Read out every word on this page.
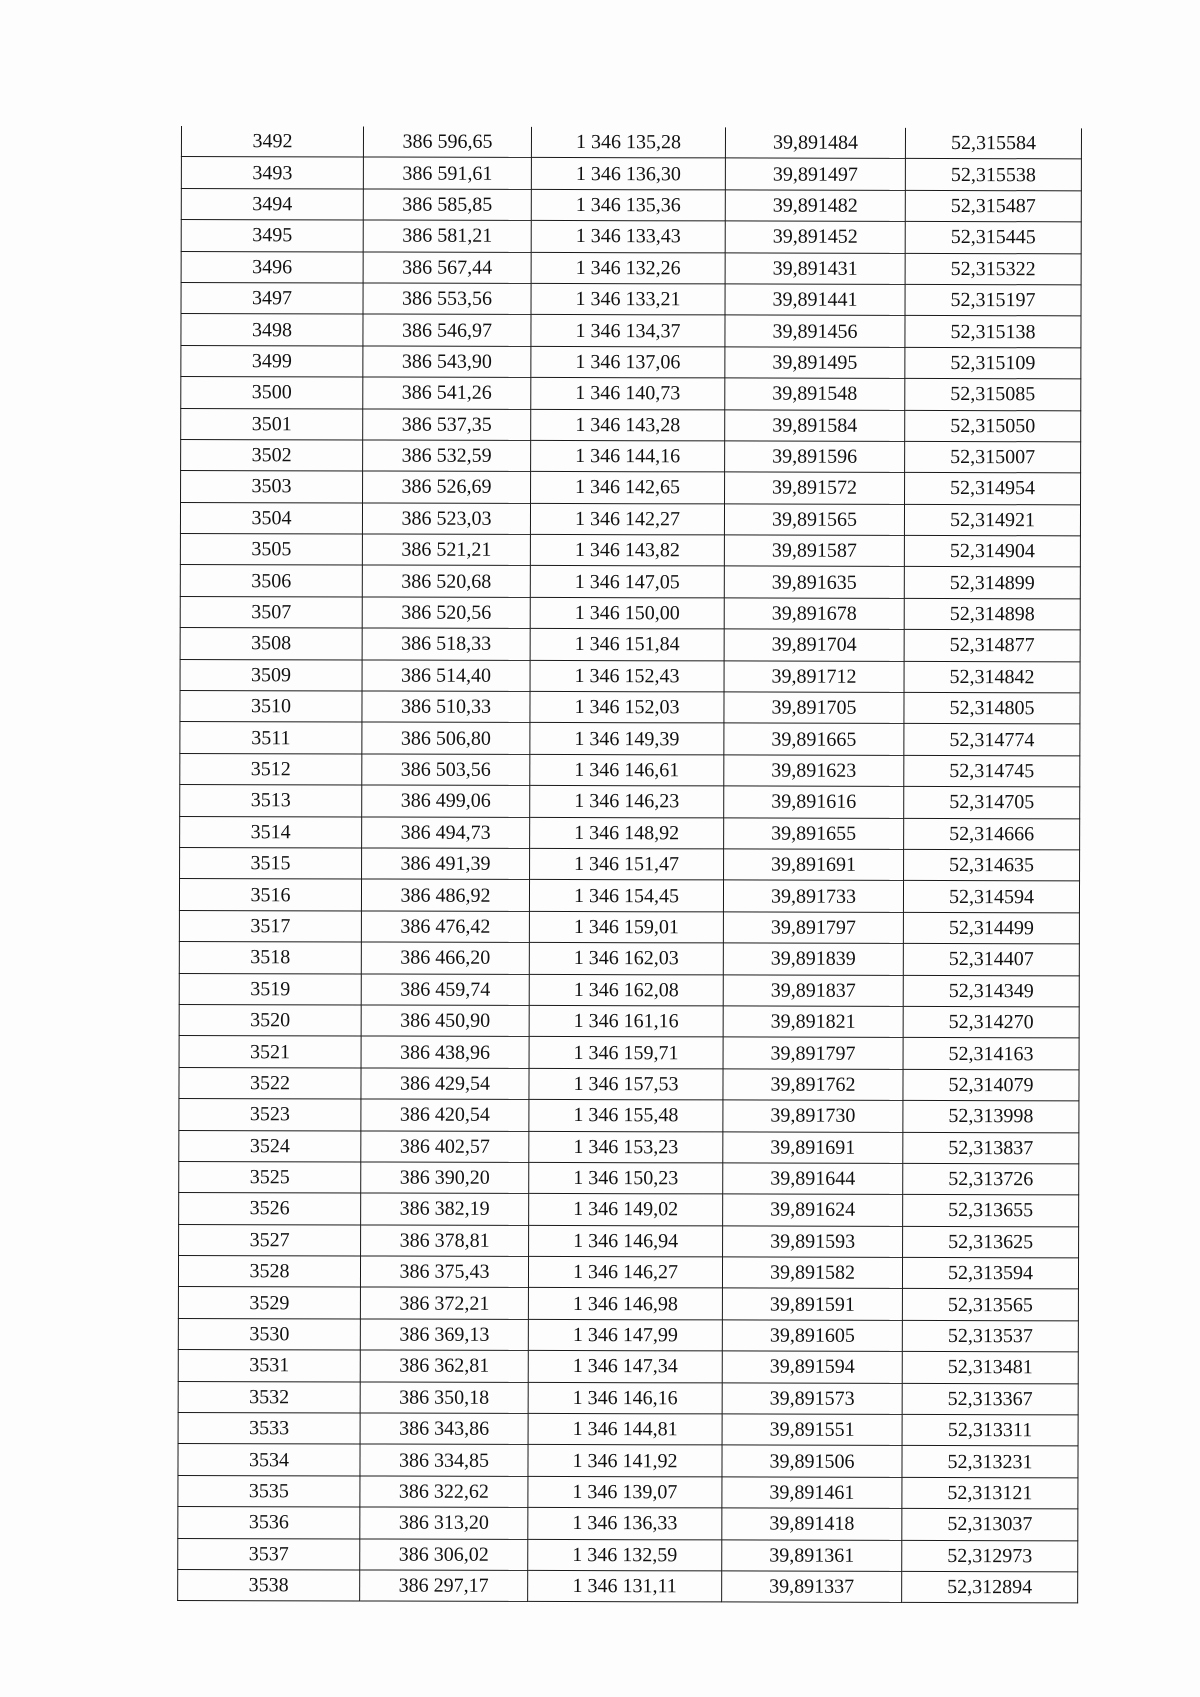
3492	386 596,65	1 346 135,28	39,891484	52,315584
3493	386 591,61	1 346 136,30	39,891497	52,315538
3494	386 585,85	1 346 135,36	39,891482	52,315487
3495	386 581,21	1 346 133,43	39,891452	52,315445
3496	386 567,44	1 346 132,26	39,891431	52,315322
3497	386 553,56	1 346 133,21	39,891441	52,315197
3498	386 546,97	1 346 134,37	39,891456	52,315138
3499	386 543,90	1 346 137,06	39,891495	52,315109
3500	386 541,26	1 346 140,73	39,891548	52,315085
3501	386 537,35	1 346 143,28	39,891584	52,315050
3502	386 532,59	1 346 144,16	39,891596	52,315007
3503	386 526,69	1 346 142,65	39,891572	52,314954
3504	386 523,03	1 346 142,27	39,891565	52,314921
3505	386 521,21	1 346 143,82	39,891587	52,314904
3506	386 520,68	1 346 147,05	39,891635	52,314899
3507	386 520,56	1 346 150,00	39,891678	52,314898
3508	386 518,33	1 346 151,84	39,891704	52,314877
3509	386 514,40	1 346 152,43	39,891712	52,314842
3510	386 510,33	1 346 152,03	39,891705	52,314805
3511	386 506,80	1 346 149,39	39,891665	52,314774
3512	386 503,56	1 346 146,61	39,891623	52,314745
3513	386 499,06	1 346 146,23	39,891616	52,314705
3514	386 494,73	1 346 148,92	39,891655	52,314666
3515	386 491,39	1 346 151,47	39,891691	52,314635
3516	386 486,92	1 346 154,45	39,891733	52,314594
3517	386 476,42	1 346 159,01	39,891797	52,314499
3518	386 466,20	1 346 162,03	39,891839	52,314407
3519	386 459,74	1 346 162,08	39,891837	52,314349
3520	386 450,90	1 346 161,16	39,891821	52,314270
3521	386 438,96	1 346 159,71	39,891797	52,314163
3522	386 429,54	1 346 157,53	39,891762	52,314079
3523	386 420,54	1 346 155,48	39,891730	52,313998
3524	386 402,57	1 346 153,23	39,891691	52,313837
3525	386 390,20	1 346 150,23	39,891644	52,313726
3526	386 382,19	1 346 149,02	39,891624	52,313655
3527	386 378,81	1 346 146,94	39,891593	52,313625
3528	386 375,43	1 346 146,27	39,891582	52,313594
3529	386 372,21	1 346 146,98	39,891591	52,313565
3530	386 369,13	1 346 147,99	39,891605	52,313537
3531	386 362,81	1 346 147,34	39,891594	52,313481
3532	386 350,18	1 346 146,16	39,891573	52,313367
3533	386 343,86	1 346 144,81	39,891551	52,313311
3534	386 334,85	1 346 141,92	39,891506	52,313231
3535	386 322,62	1 346 139,07	39,891461	52,313121
3536	386 313,20	1 346 136,33	39,891418	52,313037
3537	386 306,02	1 346 132,59	39,891361	52,312973
3538	386 297,17	1 346 131,11	39,891337	52,312894
